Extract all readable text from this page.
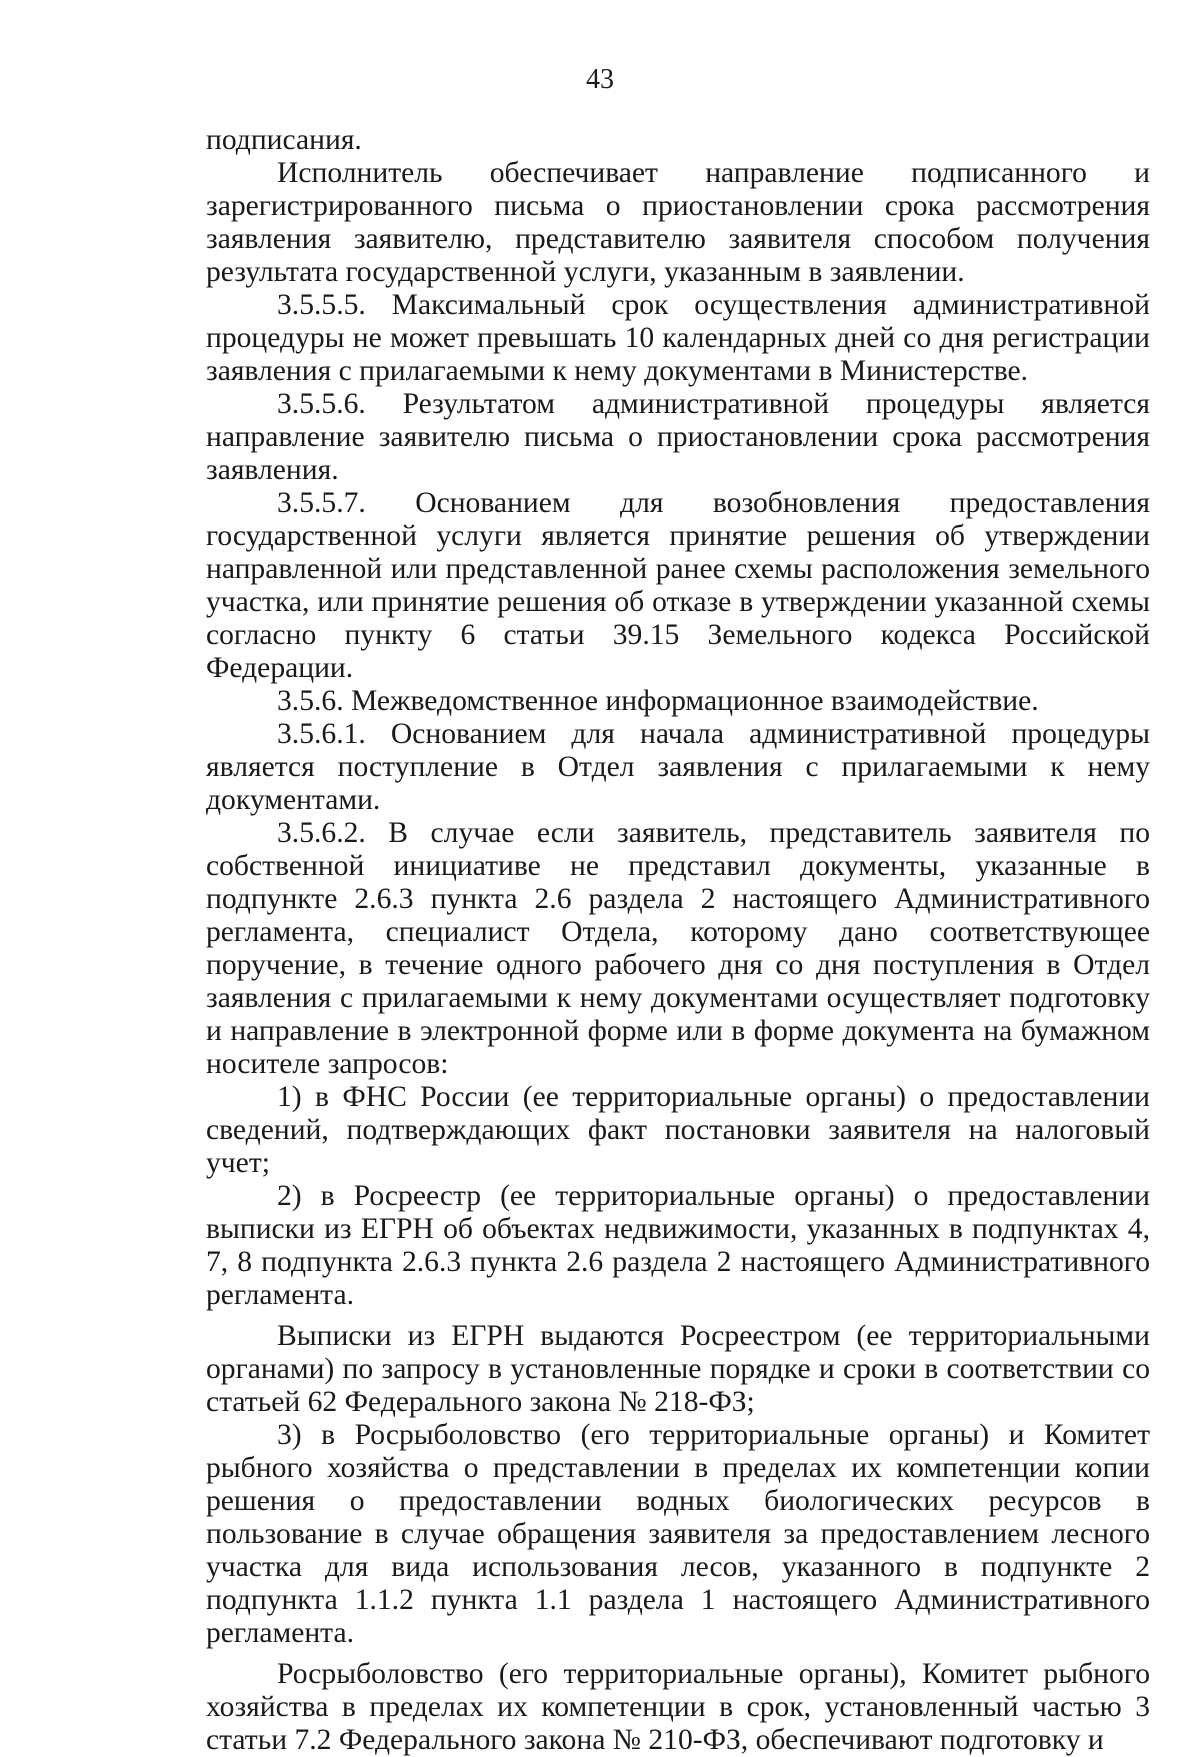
43

подписания.

Исполнитель обеспечивает направление подписанного и зарегистрированного письма о приостановлении срока рассмотрения заявления заявителю, представителю заявителя способом получения результата государственной услуги, указанным в заявлении.

3.5.5.5. Максимальный срок осуществления административной процедуры не может превышать 10 календарных дней со дня регистрации заявления с прилагаемыми к нему документами в Министерстве.

3.5.5.6. Результатом административной процедуры является направление заявителю письма о приостановлении срока рассмотрения заявления.

3.5.5.7. Основанием для возобновления предоставления государственной услуги является принятие решения об утверждении направленной или представленной ранее схемы расположения земельного участка, или принятие решения об отказе в утверждении указанной схемы согласно пункту 6 статьи 39.15 Земельного кодекса Российской Федерации.

3.5.6. Межведомственное информационное взаимодействие.

3.5.6.1. Основанием для начала административной процедуры является поступление в Отдел заявления с прилагаемыми к нему документами.

3.5.6.2. В случае если заявитель, представитель заявителя по собственной инициативе не представил документы, указанные в подпункте 2.6.3 пункта 2.6 раздела 2 настоящего Административного регламента, специалист Отдела, которому дано соответствующее поручение, в течение одного рабочего дня со дня поступления в Отдел заявления с прилагаемыми к нему документами осуществляет подготовку и направление в электронной форме или в форме документа на бумажном носителе запросов:

1) в ФНС России (ее территориальные органы) о предоставлении сведений, подтверждающих факт постановки заявителя на налоговый учет;

2) в Росреестр (ее территориальные органы) о предоставлении выписки из ЕГРН об объектах недвижимости, указанных в подпунктах 4, 7, 8 подпункта 2.6.3 пункта 2.6 раздела 2 настоящего Административного регламента.

Выписки из ЕГРН выдаются Росреестром (ее территориальными органами) по запросу в установленные порядке и сроки в соответствии со статьей 62 Федерального закона № 218-ФЗ;

3) в Росрыболовство (его территориальные органы) и Комитет рыбного хозяйства о представлении в пределах их компетенции копии решения о предоставлении водных биологических ресурсов в пользование в случае обращения заявителя за предоставлением лесного участка для вида использования лесов, указанного в подпункте 2 подпункта 1.1.2 пункта 1.1 раздела 1 настоящего Административного регламента.

Росрыболовство (его территориальные органы), Комитет рыбного хозяйства в пределах их компетенции в срок, установленный частью 3 статьи 7.2 Федерального закона № 210-ФЗ, обеспечивают подготовку и
